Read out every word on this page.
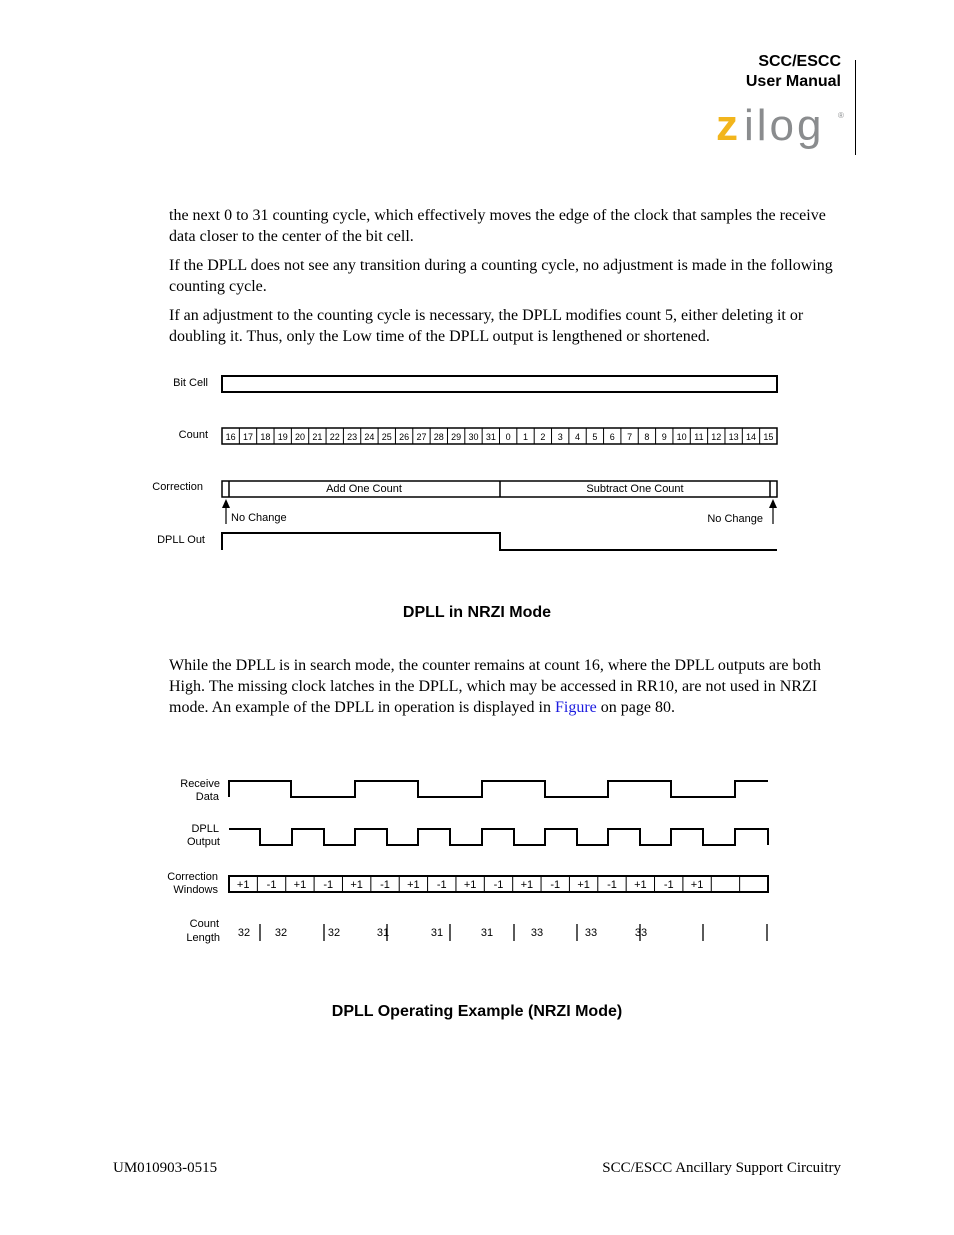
SCC/ESCC
User Manual
z ilog ®

the next 0 to 31 counting cycle, which effectively moves the edge of the clock that samples the receive data closer to the center of the bit cell.

If the DPLL does not see any transition during a counting cycle, no adjustment is made in the following counting cycle.

If an adjustment to the counting cycle is necessary, the DPLL modifies count 5, either deleting it or doubling it. Thus, only the Low time of the DPLL output is lengthened or shortened.

Bit Cell
Count 16 17 18 19 20 21 22 23 24 25 26 27 28 29 30 31 0 1 2 3 4 5 6 7 8 9 10 11 12 13 14 15
Correction	Add One Count	Subtract One Count
No Change	No Change
DPLL Out
DPLL in NRZI Mode

While the DPLL is in search mode, the counter remains at count 16, where the DPLL outputs are both High. The missing clock latches in the DPLL, which may be accessed in RR10, are not used in NRZI mode. An example of the DPLL in operation is displayed in Figure on page 80.

Receive
Data
DPLL
Output
Correction
Windows +1 -1 +1 -1 +1 -1 +1 -1 +1 -1 +1 -1 +1 -1 +1 -1 +1
Count
Length 32 32	32	31	31	31	33	33	33
DPLL Operating Example (NRZI Mode)
UM010903-0515	SCC/ESCC Ancillary Support Circuitry
